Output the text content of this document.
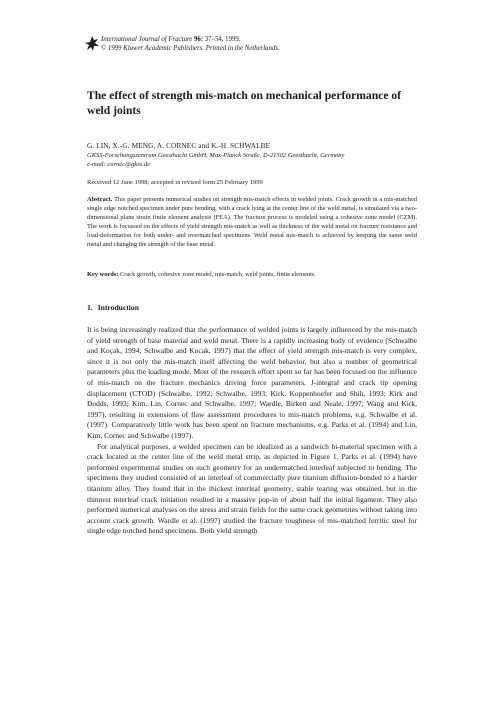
International Journal of Fracture 96: 37–54, 1999.
© 1999 Kluwer Academic Publishers. Printed in the Netherlands.
The effect of strength mis-match on mechanical performance of weld joints
G. LIN, X.-G. MENG, A. CORNEC and K.-H. SCHWALBE
GKSS-Forschungszentrum Geesthacht GmbH, Max-Planck Straße, D-21502 Geesthacht, Germany
e-mail: cornec@gkss.de
Received 12 June 1998; accepted in revised form 25 February 1999
Abstract. This paper presents numerical studies on strength mis-match effects in welded joints. Crack growth in a mis-matched single edge notched specimen under pure bending, with a crack lying at the center line of the weld metal, is simulated via a two-dimensional plane strain finite element analysis (FEA). The fracture process is modeled using a cohesive zone model (CZM). The work is focussed on the effects of yield strength mis-match as well as thickness of the weld metal on fracture resistance and load-deformation for both under- and overmatched specimens. Weld metal mis-match is achieved by keeping the same weld metal and changing the strength of the base metal.
Key words: Crack growth, cohesive zone model, mis-match, weld joints, finite elements.
1. Introduction

It is being increasingly realized that the performance of welded joints is largely influenced by the mis-match of yield strength of base material and weld metal. There is a rapidly increasing body of evidence (Schwalbe and Koçak, 1994; Schwalbe and Kocak, 1997) that the effect of yield strength mis-match is very complex, since it is not only the mis-match itself affecting the weld behavior, but also a number of geometrical parameters plus the loading mode. Most of the research effort spent so far has been focused on the influence of mis-match on the fracture mechanics driving force parameters, J-integral and crack tip opening displacement (CTOD) (Schwalbe, 1992; Schwalbe, 1993; Kirk, Koppenhoefer and Shih, 1993; Kirk and Dodds, 1993; Kim, Lin, Cornec and Schwalbe, 1997; Wardle, Birkett and Neale, 1997; Wang and Kirk, 1997), resulting in extensions of flaw assessment procedures to mis-match problems, e.g. Schwalbe et al. (1997). Comparatively little work has been spent on fracture mechanisms, e.g. Parks et al. (1994) and Lin, Kim, Cornec and Schwalbe (1997).

For analytical purposes, a welded specimen can be idealized as a sandwich bi-material specimen with a crack located at the center line of the weld metal strip, as depicted in Figure 1. Parks et al. (1994) have performed experimental studies on such geometry for an undermatched interleaf subjected to bending. The specimens they studied consisted of an interleaf of commercially pure titanium diffusion-bonded to a harder titanium alloy. They found that in the thickest interleaf geometry, stable tearing was obtained, but in the thinnest interleaf crack initiation resulted in a massive pop-in of about half the initial ligament. They also performed numerical analyses on the stress and strain fields for the same crack geometries without taking into account crack growth. Wardle et al. (1997) studied the fracture toughness of mis-matched ferritic steel for single edge notched bend specimens. Both yield strength
